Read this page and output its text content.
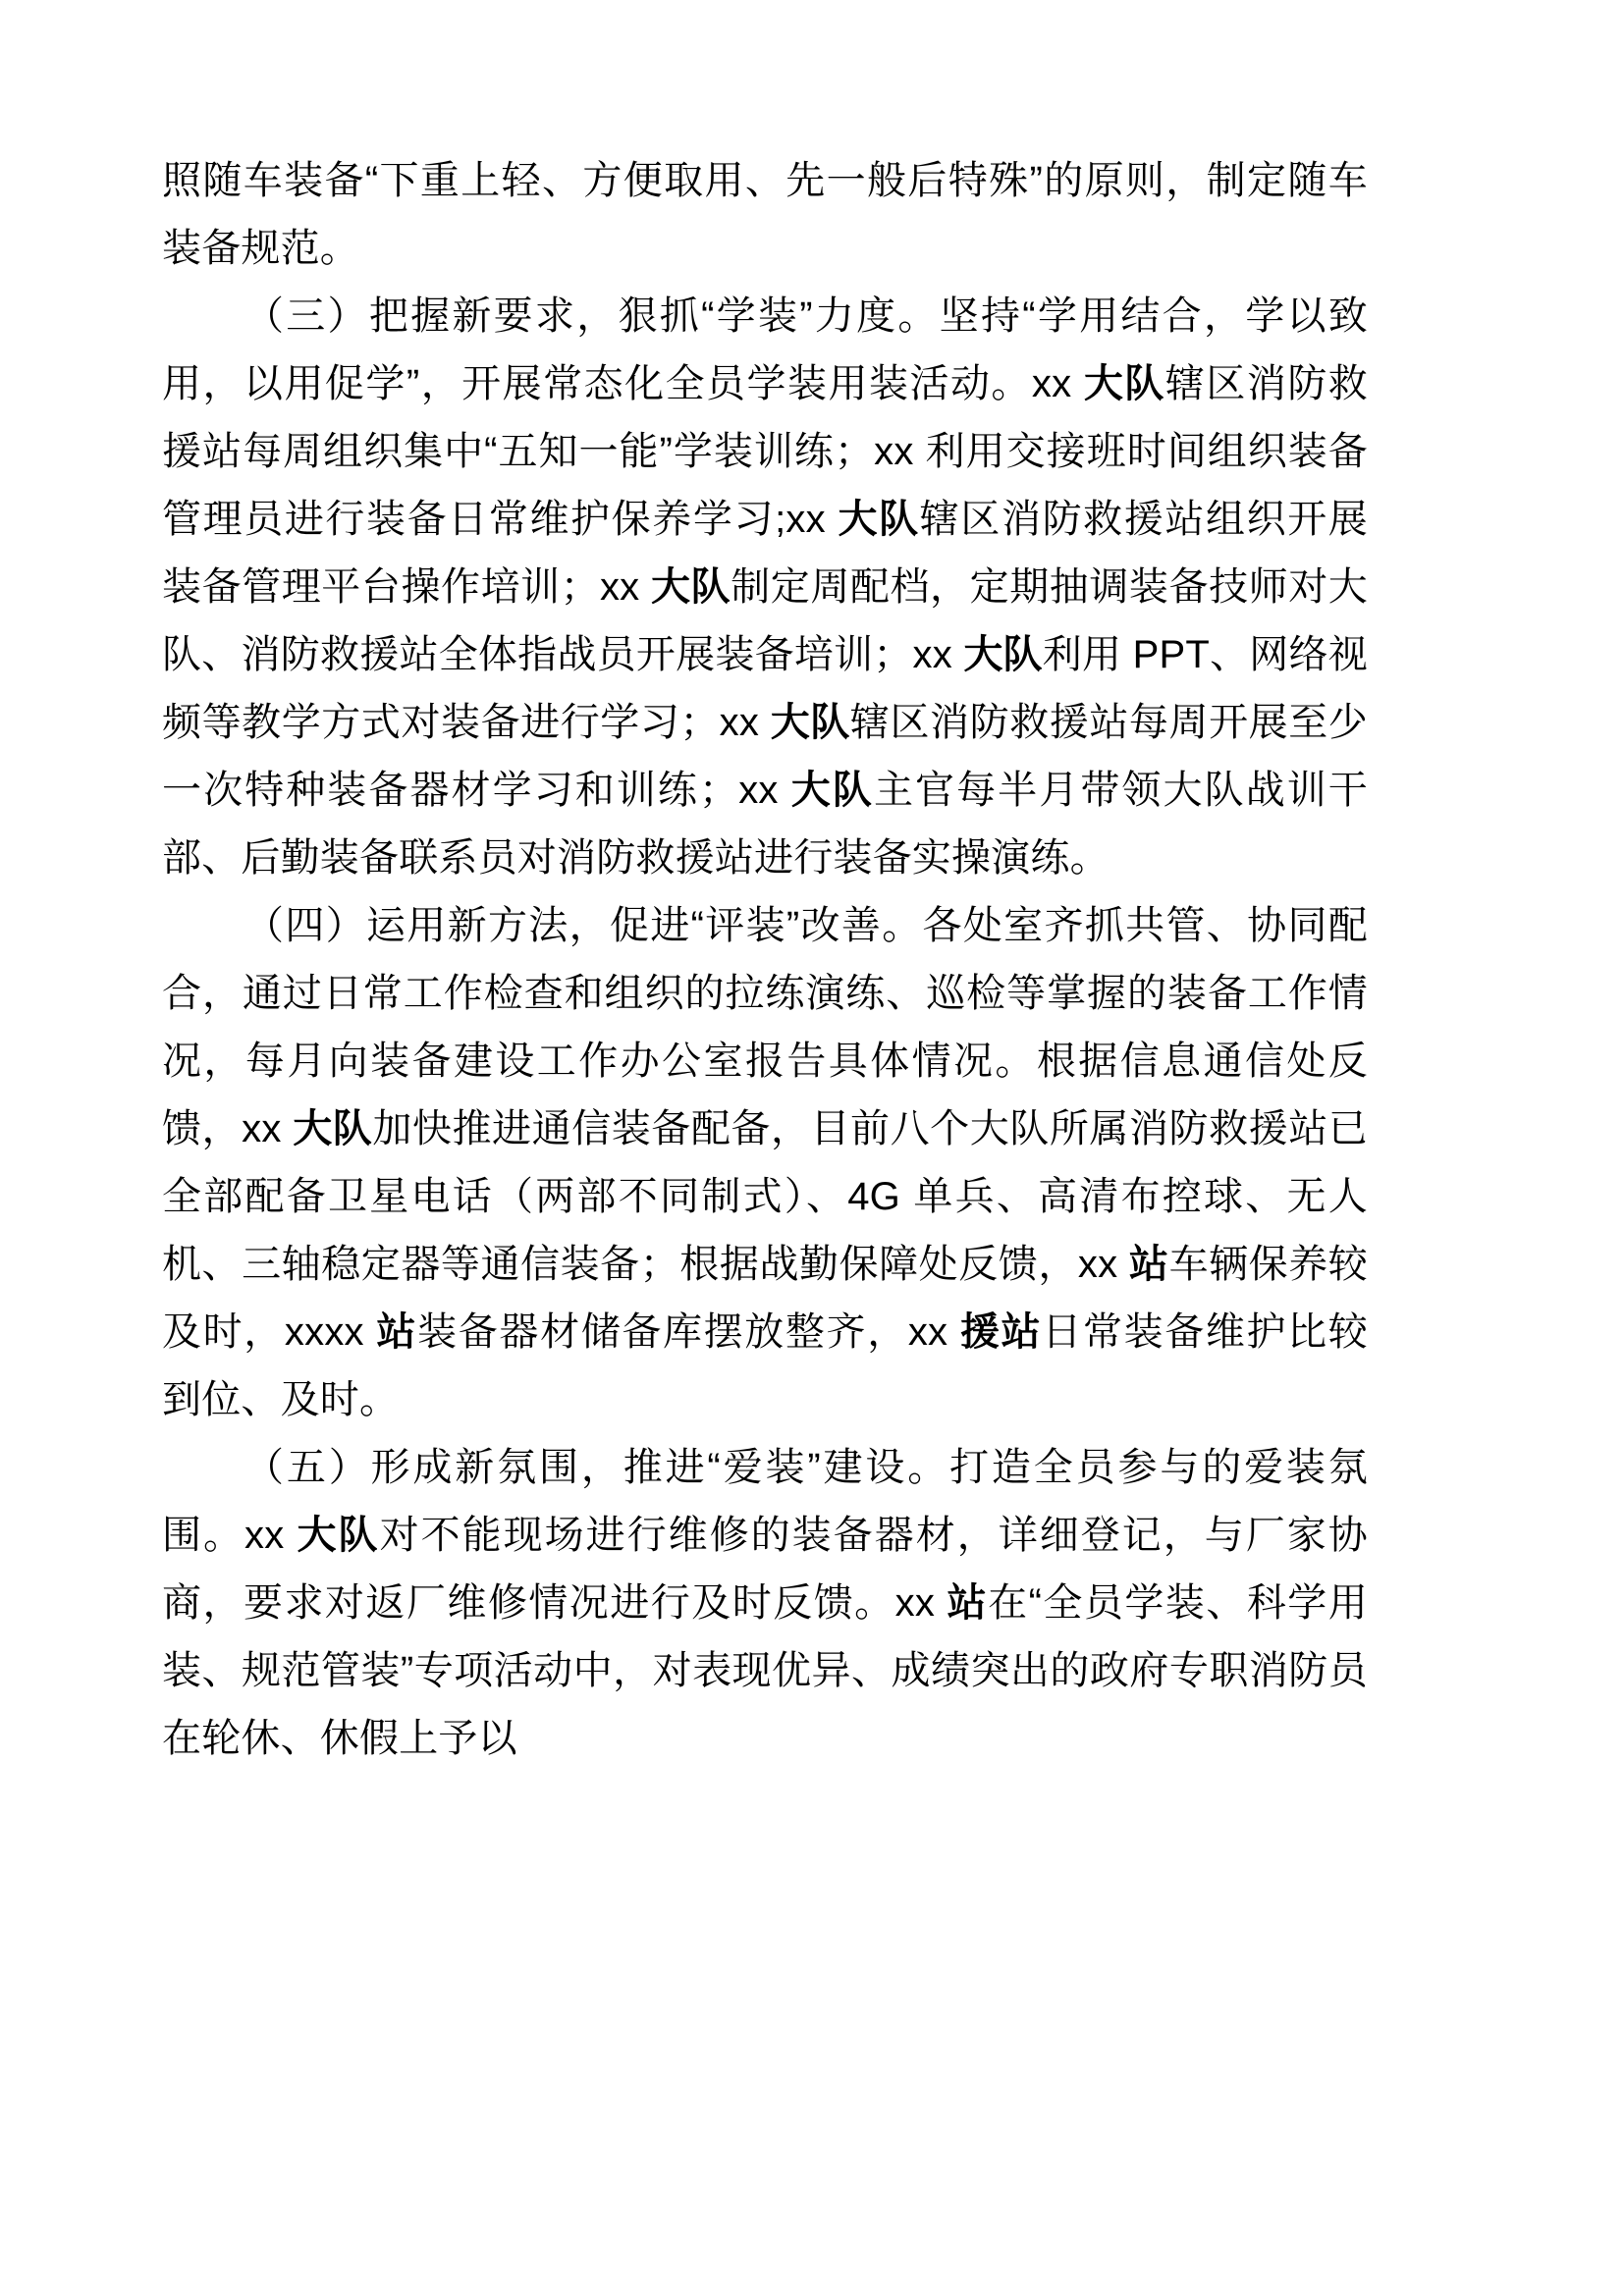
照随车装备“下重上轻、方便取用、先一般后特殊”的原则，制定随车装备规范。

（三）把握新要求，狠抓“学装”力度。坚持“学用结合，学以致用，以用促学”，开展常态化全员学装用装活动。xx 大队辖区消防救援站每周组织集中“五知一能”学装训练；xx 利用交接班时间组织装备管理员进行装备日常维护保养学习;xx 大队辖区消防救援站组织开展装备管理平台操作培训；xx 大队制定周配档，定期抽调装备技师对大队、消防救援站全体指战员开展装备培训；xx 大队利用 PPT、网络视频等教学方式对装备进行学习；xx 大队辖区消防救援站每周开展至少一次特种装备器材学习和训练；xx 大队主官每半月带领大队战训干部、后勤装备联系员对消防救援站进行装备实操演练。

（四）运用新方法，促进“评装”改善。各处室齐抓共管、协同配合，通过日常工作检查和组织的拉练演练、巡检等掌握的装备工作情况，每月向装备建设工作办公室报告具体情况。根据信息通信处反馈，xx 大队加快推进通信装备配备，目前八个大队所属消防救援站已全部配备卫星电话（两部不同制式）、4G 单兵、高清布控球、无人机、三轴稳定器等通信装备；根据战勤保障处反馈，xx 站车辆保养较及时，xxxx 站装备器材储备库摆放整齐，xx 援站日常装备维护比较到位、及时。

（五）形成新氛围，推进“爱装”建设。打造全员参与的爱装氛围。xx 大队对不能现场进行维修的装备器材，详细登记，与厂家协商，要求对返厂维修情况进行及时反馈。xx 站在“全员学装、科学用装、规范管装”专项活动中，对表现优异、成绩突出的政府专职消防员在轮休、休假上予以
